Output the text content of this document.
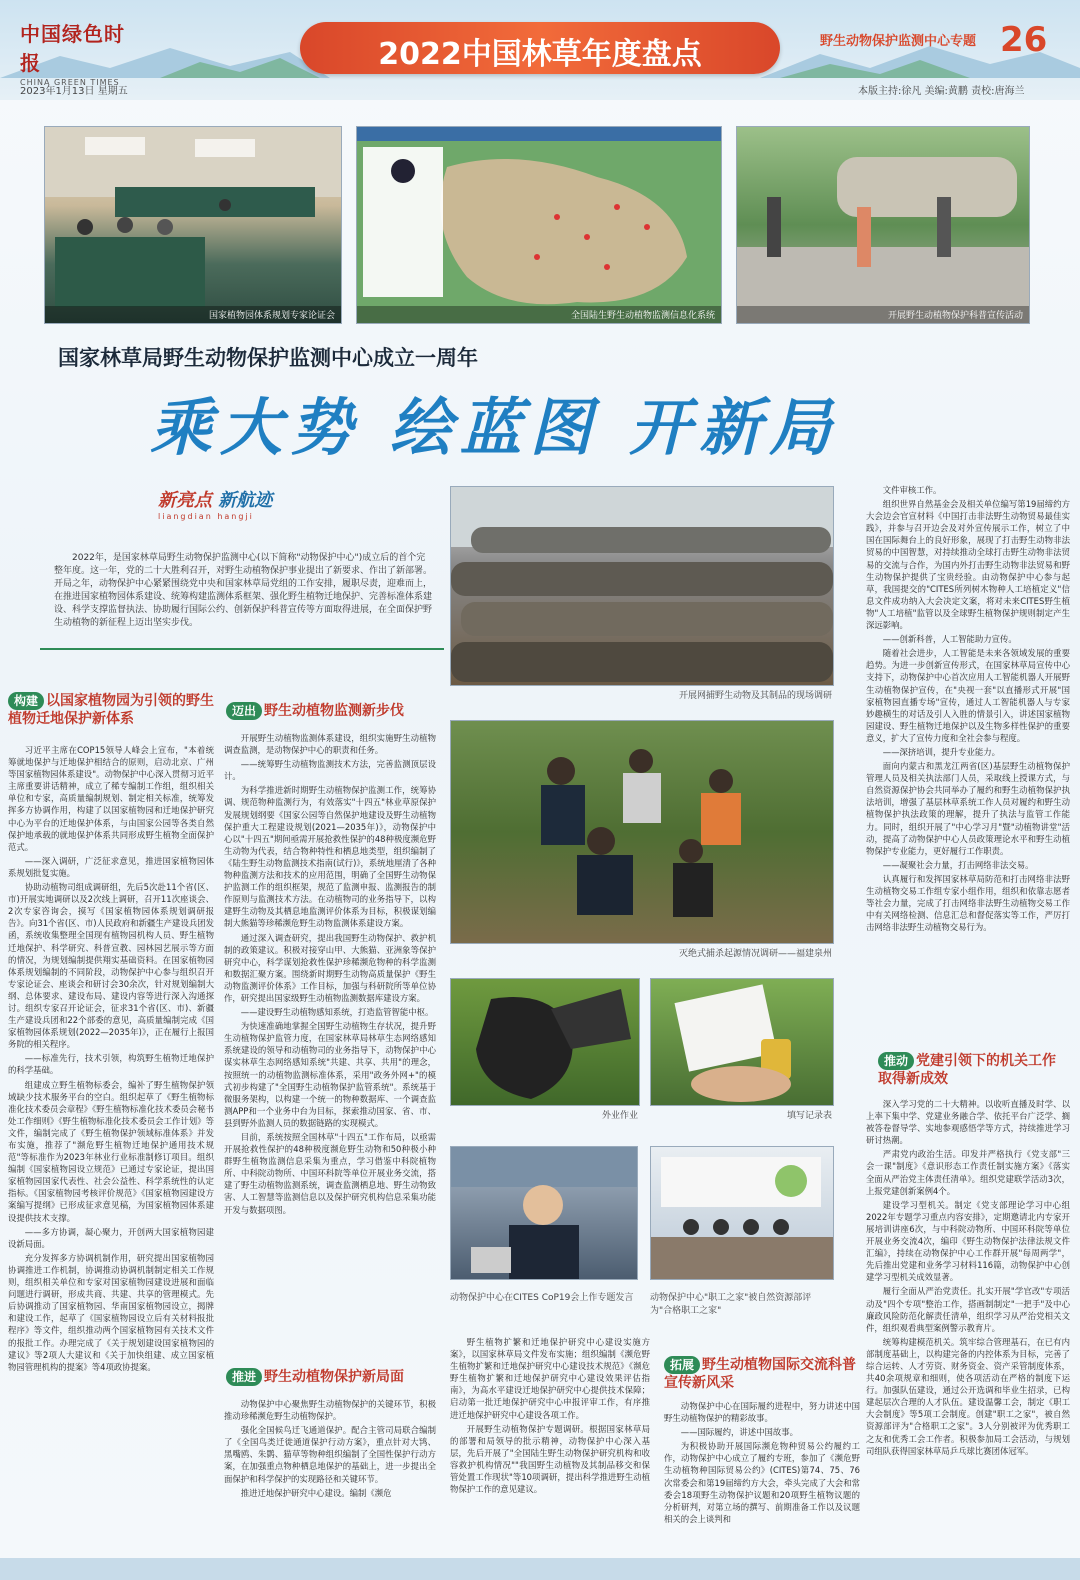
中国绿色时报
CHINA GREEN TIMES
2022中国林草年度盘点	野生动物保护监测中心专题 26
2023年1月13日 星期五	本版主持:徐凡 美编:黄鹏 责校:唐海兰
国家植物园体系规划专家论证会	全国陆生野生动植物监测信息化系统	开展野生动植物保护科普宣传活动
国家林草局野生动物保护监测中心成立一周年
乘大势 绘蓝图 开新局
新亮点 新航迹
liangdian hangji
2022年，是国家林草局野生动物保护监测中心(以下简称"动物保护中心")成立后的首个完整年度。这一年，党的二十大胜利召开，对野生动植物保护事业提出了新要求、作出了新部署。开局之年，动物保护中心紧紧围绕党中央和国家林草局党组的工作安排，履职尽责，迎难而上，在推进国家植物园体系建设、统筹构建监测体系框架、强化野生植物迁地保护、完善标准体系建设、科学支撑监督执法、协助履行国际公约、创新保护科普宣传等方面取得进展，在全面保护野生动植物的新征程上迈出坚实步伐。
开展网捕野生动物及其制品的现场调研
灭绝式捕杀起源情况调研——福建泉州
外业作业	填写记录表
动物保护中心在CITES CoP19会上作专题发言 动物保护中心"职工之家"被自然资源部评为"合格职工之家"
构建 以国家植物园为引领的野生植物迁地保护新体系	迈出 野生动植物监测新步伐
推进 野生动植物保护新局面
拓展 野生动植物国际交流科普宣传新风采
推动 党建引领下的机关工作取得新成效

习近平主席在COP15领导人峰会上宣布，"本着统筹就地保护与迁地保护相结合的原则，启动北京、广州等国家植物园体系建设"。动物保护中心深入贯彻习近平主席重要讲话精神，成立了稀专编制工作组，组织相关单位和专家，高质量编制规划、制定相关标准，统筹发挥多方协调作用，构建了以国家植物园和迁地保护研究中心为平台的迁地保护体系，与由国家公园等各类自然保护地承载的就地保护体系共同形成野生植物全面保护范式。

——深入调研，广泛征求意见，推进国家植物园体系规划批复实施。

协助动植物司组成调研组，先后5次赴11个省(区、市)开展实地调研以及2次线上调研，召开11次座谈会、2次专家咨询会，摸写《国家植物园体系规划调研报告》。向31个省(区、市)人民政府和新疆生产建设兵团发函，系统收集整理全国现有植物园机构人员、野生植物迁地保护、科学研究、科普宣教、园林园艺展示等方面的情况，为规划编制提供翔实基础资料。在国家植物园体系规划编制的不同阶段，动物保护中心参与组织召开专家论证会、座谈会和研讨会30余次，针对规划编制大纲、总体要求、建设布局、建设内容等进行深入沟通探讨。组织专家召开论证会，征求31个省(区、市)、新疆生产建设兵团和22个部委的意见，高质量编制完成《国家植物园体系规划(2022—2035年)》，正在履行上报国务院的相关程序。

——标准先行，技术引领，构筑野生植物迁地保护的科学基础。

组建成立野生植物标委会，编补了野生植物保护领域缺少技术服务平台的空白。组织起草了《野生植物标准化技术委员会章程》《野生植物标准化技术委员会秘书处工作细则》《野生植物标准化技术委员会工作计划》等文件，编制完成了《野生植物保护领域标准体系》并发布实施，推荐了"濒危野生植物迁地保护通用技术规范"等标准作为2023年林业行业标准制修订项目。组织编制《国家植物园设立规范》已通过专家论证，提出国家植物园国家代表性、社会公益性、科学系统性的认定指标。《国家植物园考核评价规范》《国家植物园建设方案编写提纲》已形成征求意见稿，为国家植物园体系建设提供技术支撑。

——多方协调，凝心聚力，开创两大国家植物园建设新局面。

充分发挥多方协调机制作用，研究提出国家植物园协调推进工作机制，协调推动协调机制制定相关工作规则，组织相关单位和专家对国家植物园建设进展和面临问题进行调研，形成共商、共建、共享的管理模式。先后协调推动了国家植物园、华南国家植物园设立，揭牌和建设工作，起草了《国家植物园设立后有关材料报批程序》等文件，组织推动两个国家植物园有关技术文件的报批工作。办理完成了《关于规划建设国家植物园的建议》等2项人大建议和《关于加快组建、成立国家植物园管理机构的提案》等4项政协提案。

开展野生动植物监测体系建设，组织实施野生动植物调查监测，是动物保护中心的职责和任务。

——统筹野生动植物监测技术方法，完善监测顶层设计。

为科学推进新时期野生动植物保护监测工作，统筹协调、规范物种监测行为，有效落实"十四五"林业草原保护发展规划纲要《国家公园等自然保护地建设及野生动植物保护重大工程建设规划(2021—2035年)》，动物保护中心以"十四五"期间亟需开展抢救性保护的48种极度濒危野生动物为代表，结合物种特性和栖息地类型，组织编制了《陆生野生动物监测技术指南(试行)》，系统地厘清了各种物种监测方法和技术的应用范围，明确了全国野生动物保护监测工作的组织框架，规范了监测申报、监测报告的制作原则与监测技术方法。在动植物司的业务指导下，以构建野生动物及其栖息地监测评价体系为目标，积极谋划编制大熊猫等珍稀濒危野生动物监测体系建设方案。

通过深入调查研究，提出我国野生动物保护、救护机制的政策建议。积极对接穿山甲、大熊猫、亚洲象等保护研究中心，科学谋划抢救性保护珍稀濒危物种的科学监测和数据汇聚方案。围绕新时期野生动物高质量保护《野生动物监测评价体系》工作目标，加强与科研院所等单位协作，研究提出国家级野生动植物监测数据库建设方案。

——建设野生动植物感知系统，打造监管智能中枢。

为快速准确地掌握全国野生动植物生存状况，提升野生动植物保护监管力度，在国家林草局林草生态网络感知系统建设的领导和动植物司的业务指导下，动物保护中心谋实林草生态网络感知系统"共建、共享、共用"的理念，按照统一的动植物监测标准体系，采用"政务外网+"的模式初步构建了"全国野生动植物保护监管系统"。系统基于微服务架构，以构建一个统一的物种数据库、一个调查监测APP和一个业务中台为目标，探索推动国家、省、市、县到野外监测人员的数据链路的实现模式。

目前，系统按照全国林草"十四五"工作布局，以亟需开展抢救性保护的48种极度濒危野生动物和50种极小种群野生植物监测信息采集为重点，学习借鉴中科院植物所、中科院动物所、中国环科院等单位开展业务交流，搭建了野生动植物监测系统，调查监测栖息地、野生动物致害、人工智慧等监测信息以及保护研究机构信息采集功能开发与数据项图。

动物保护中心聚焦野生动植物保护的关键环节，积极推动珍稀濒危野生动植物保护。

强化全国候鸟迁飞通道保护。配合主管司局联合编制了《全国鸟类迁徙通道保护行动方案》，重点针对大鸨、黑嘴鸥、朱鹮、猫草等物种组织编制了全国性保护行动方案，在加强重点物种栖息地保护的基础上，进一步提出全面保护和科学保护的实现路径和关键环节。

推进迁地保护研究中心建设。编制《濒危

野生植物扩繁和迁地保护研究中心建设实施方案》，以国家林草局文件发布实施；组织编制《濒危野生植物扩繁和迁地保护研究中心建设技术规范》《濒危野生植物扩繁和迁地保护研究中心建设效果评估指南》，为高水平建设迁地保护研究中心提供技术保障；启动第一批迁地保护研究中心申报评审工作，有序推进迁地保护研究中心建设各项工作。

开展野生动植物保护专题调研。根据国家林草局的部署和局领导的批示精神，动物保护中心深入基层，先后开展了"全国陆生野生动物保护研究机构和收容救护机构情况""我国野生动植物及其制品移交和保管处置工作现状"等10项调研，提出科学推进野生动植物保护工作的意见建议。

动物保护中心在国际履约进程中，努力讲述中国野生动植物保护的精彩故事。

——国际履约，讲述中国故事。

为积极协助开展国际濒危物种贸易公约履约工作，动物保护中心成立了履约专班，参加了《濒危野生动植物种国际贸易公约》(CITES)第74、75、76次常委会和第19届缔约方大会，牵头完成了大会和常委会18项野生动物保护议题和20项野生植物议题的分析研判，对第立场的撰写、前期准备工作以及议题相关的会上谈判和

文件审核工作。

组织世界自然基金会及相关单位编写第19届缔约方大会边会官宣材料《中国打击非法野生动物贸易最佳实践》，并参与召开边会及对外宣传展示工作，树立了中国在国际舞台上的良好形象，展现了打击野生动物非法贸易的中国智慧，对持续推动全球打击野生动物非法贸易的交流与合作，为国内外打击野生动物非法贸易和野生动物保护提供了宝贵经验。由动物保护中心参与起草，我国提交的"CITES所列树木物种人工培植定义"信息文件成功纳入大会决定文案，将对未来CITES野生植物"人工培植"监管以及全球野生植物保护规则制定产生深远影响。

——创新科普，人工智能助力宣传。

随着社会进步，人工智能是未来各领域发展的重要趋势。为进一步创新宣传形式，在国家林草局宣传中心支持下，动物保护中心首次应用人工智能机器人开展野生动植物保护宣传，在"央视一套"以直播形式开展"国家植物园直播专场"宣传，通过人工智能机器人与专家妙趣横生的对话及引人入胜的情景引入，讲述国家植物园建设、野生植物迁地保护以及生物多样性保护的重要意义，扩大了宣传力度和全社会参与程度。

——深挤培训，提升专业能力。

面向内蒙古和黑龙江两省(区)基层野生动植物保护管理人员及相关执法部门人员，采取线上授课方式，与自然资源保护协会共同举办了履约和野生动植物保护执法培训，增强了基层林草系统工作人员对履约和野生动植物保护执法政策的理解，提升了执法与监管工作能力。同时，组织开展了"中心学习月"暨"动植物讲堂"活动，提高了动物保护中心人员政策理论水平和野生动植物保护专业能力，更好履行工作职责。

——凝聚社会力量，打击网络非法交易。

认真履行和发挥国家林草局防范和打击网络非法野生动植物交易工作组专家小组作用，组织和依靠志愿者等社会力量，完成了打击网络非法野生动植物交易工作中有关网络检测、信息汇总和督促落实等工作，严厉打击网络非法野生动植物交易行为。

深入学习党的二十大精神。以收听直播及时学、以上率下集中学、党建业务融合学、依托平台广泛学、搁被答卷督导学、实地参观感悟学等方式，持续推进学习研讨热潮。

严肃党内政治生活。印发并严格执行《党支部"三会一课"制度》《意识形态工作责任制实施方案》《落实全面从严治党主体责任清单》。组织党建联学活动3次，上报党建创新案例4个。

建设学习型机关。制定《党支部理论学习中心组2022年专题学习重点内容安排》，定期邀请北内专家开展培训讲座6次，与中科院动物所、中国环科院等单位开展业务交流4次，编印《野生动物保护法律法规文件汇编》，持续在动物保护中心工作群开展"每周两学"，先后推出党建和业务学习材料116篇，动物保护中心创建学习型机关成效显著。

履行全面从严治党责任。扎实开展"学官改"专项活动及"四个专项"整治工作，搭画制制定"一把手"及中心廉政风险防范化解责任清单，组织学习从严治党相关文件，组织观看典型案例警示教育片。

统筹构建模范机关。筑牢综合管理基石，在已有内部制度基础上，以构建完备的内控体系为目标，完善了综合运转、人才劳资、财务资金、资产采管制度体系，共40余项规章和细则，使各项活动在严格的制度下运行。加强队伍建设，通过公开选调和毕业生招录，已构建起层次合理的人才队伍。建设温馨工会，制定《职工大会制度》等5项工会制度。创建"职工之家"，被自然资源部评为"合格职工之家"。3人分别被评为优秀职工之友和优秀工会工作者。积极参加局工会活动，与规划司组队获得国家林草局乒乓球比赛团体冠军。
